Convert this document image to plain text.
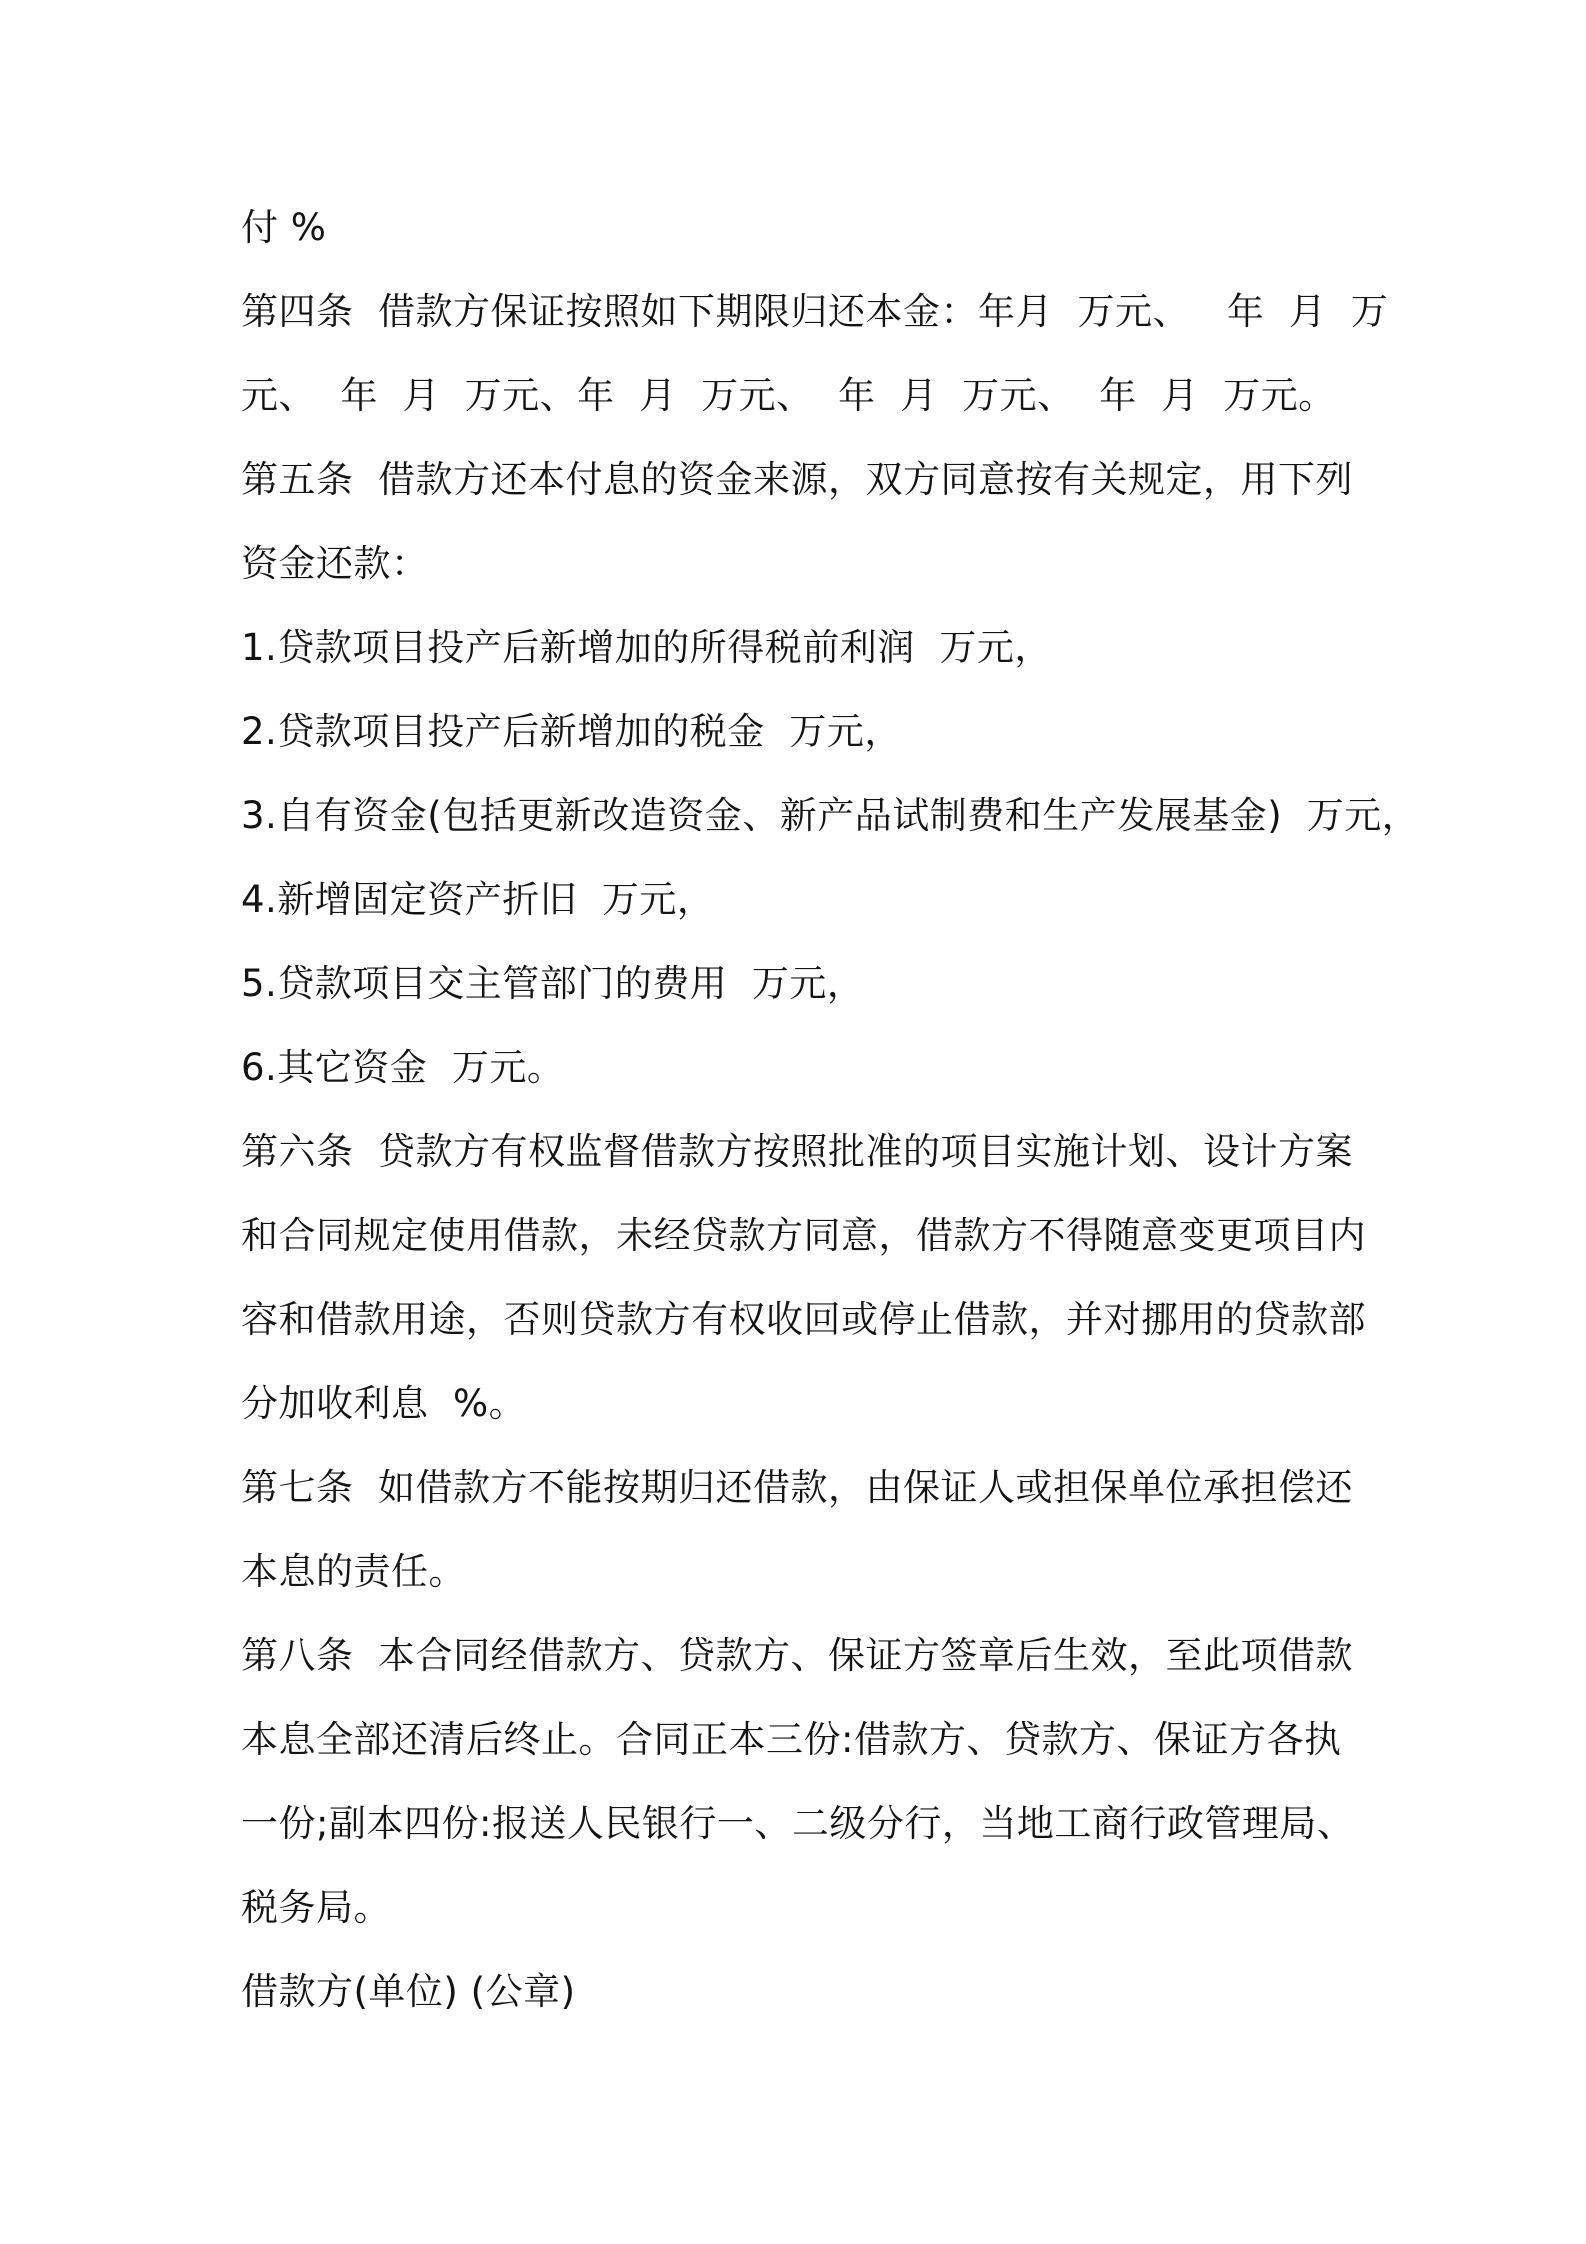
付 %
第四条  借款方保证按照如下期限归还本金：年月  万元、   年  月  万
元、  年  月  万元、年  月  万元、  年  月  万元、  年  月  万元。
第五条  借款方还本付息的资金来源，双方同意按有关规定，用下列
资金还款：
1.贷款项目投产后新增加的所得税前利润  万元，
2.贷款项目投产后新增加的税金  万元，
3.自有资金(包括更新改造资金、新产品试制费和生产发展基金)  万元，
4.新增固定资产折旧  万元，
5.贷款项目交主管部门的费用  万元，
6.其它资金  万元。
第六条  贷款方有权监督借款方按照批准的项目实施计划、设计方案
和合同规定使用借款，未经贷款方同意，借款方不得随意变更项目内
容和借款用途，否则贷款方有权收回或停止借款，并对挪用的贷款部
分加收利息  %。
第七条  如借款方不能按期归还借款，由保证人或担保单位承担偿还
本息的责任。
第八条  本合同经借款方、贷款方、保证方签章后生效，至此项借款
本息全部还清后终止。合同正本三份:借款方、贷款方、保证方各执
一份;副本四份:报送人民银行一、二级分行，当地工商行政管理局、
税务局。
借款方(单位) (公章)
